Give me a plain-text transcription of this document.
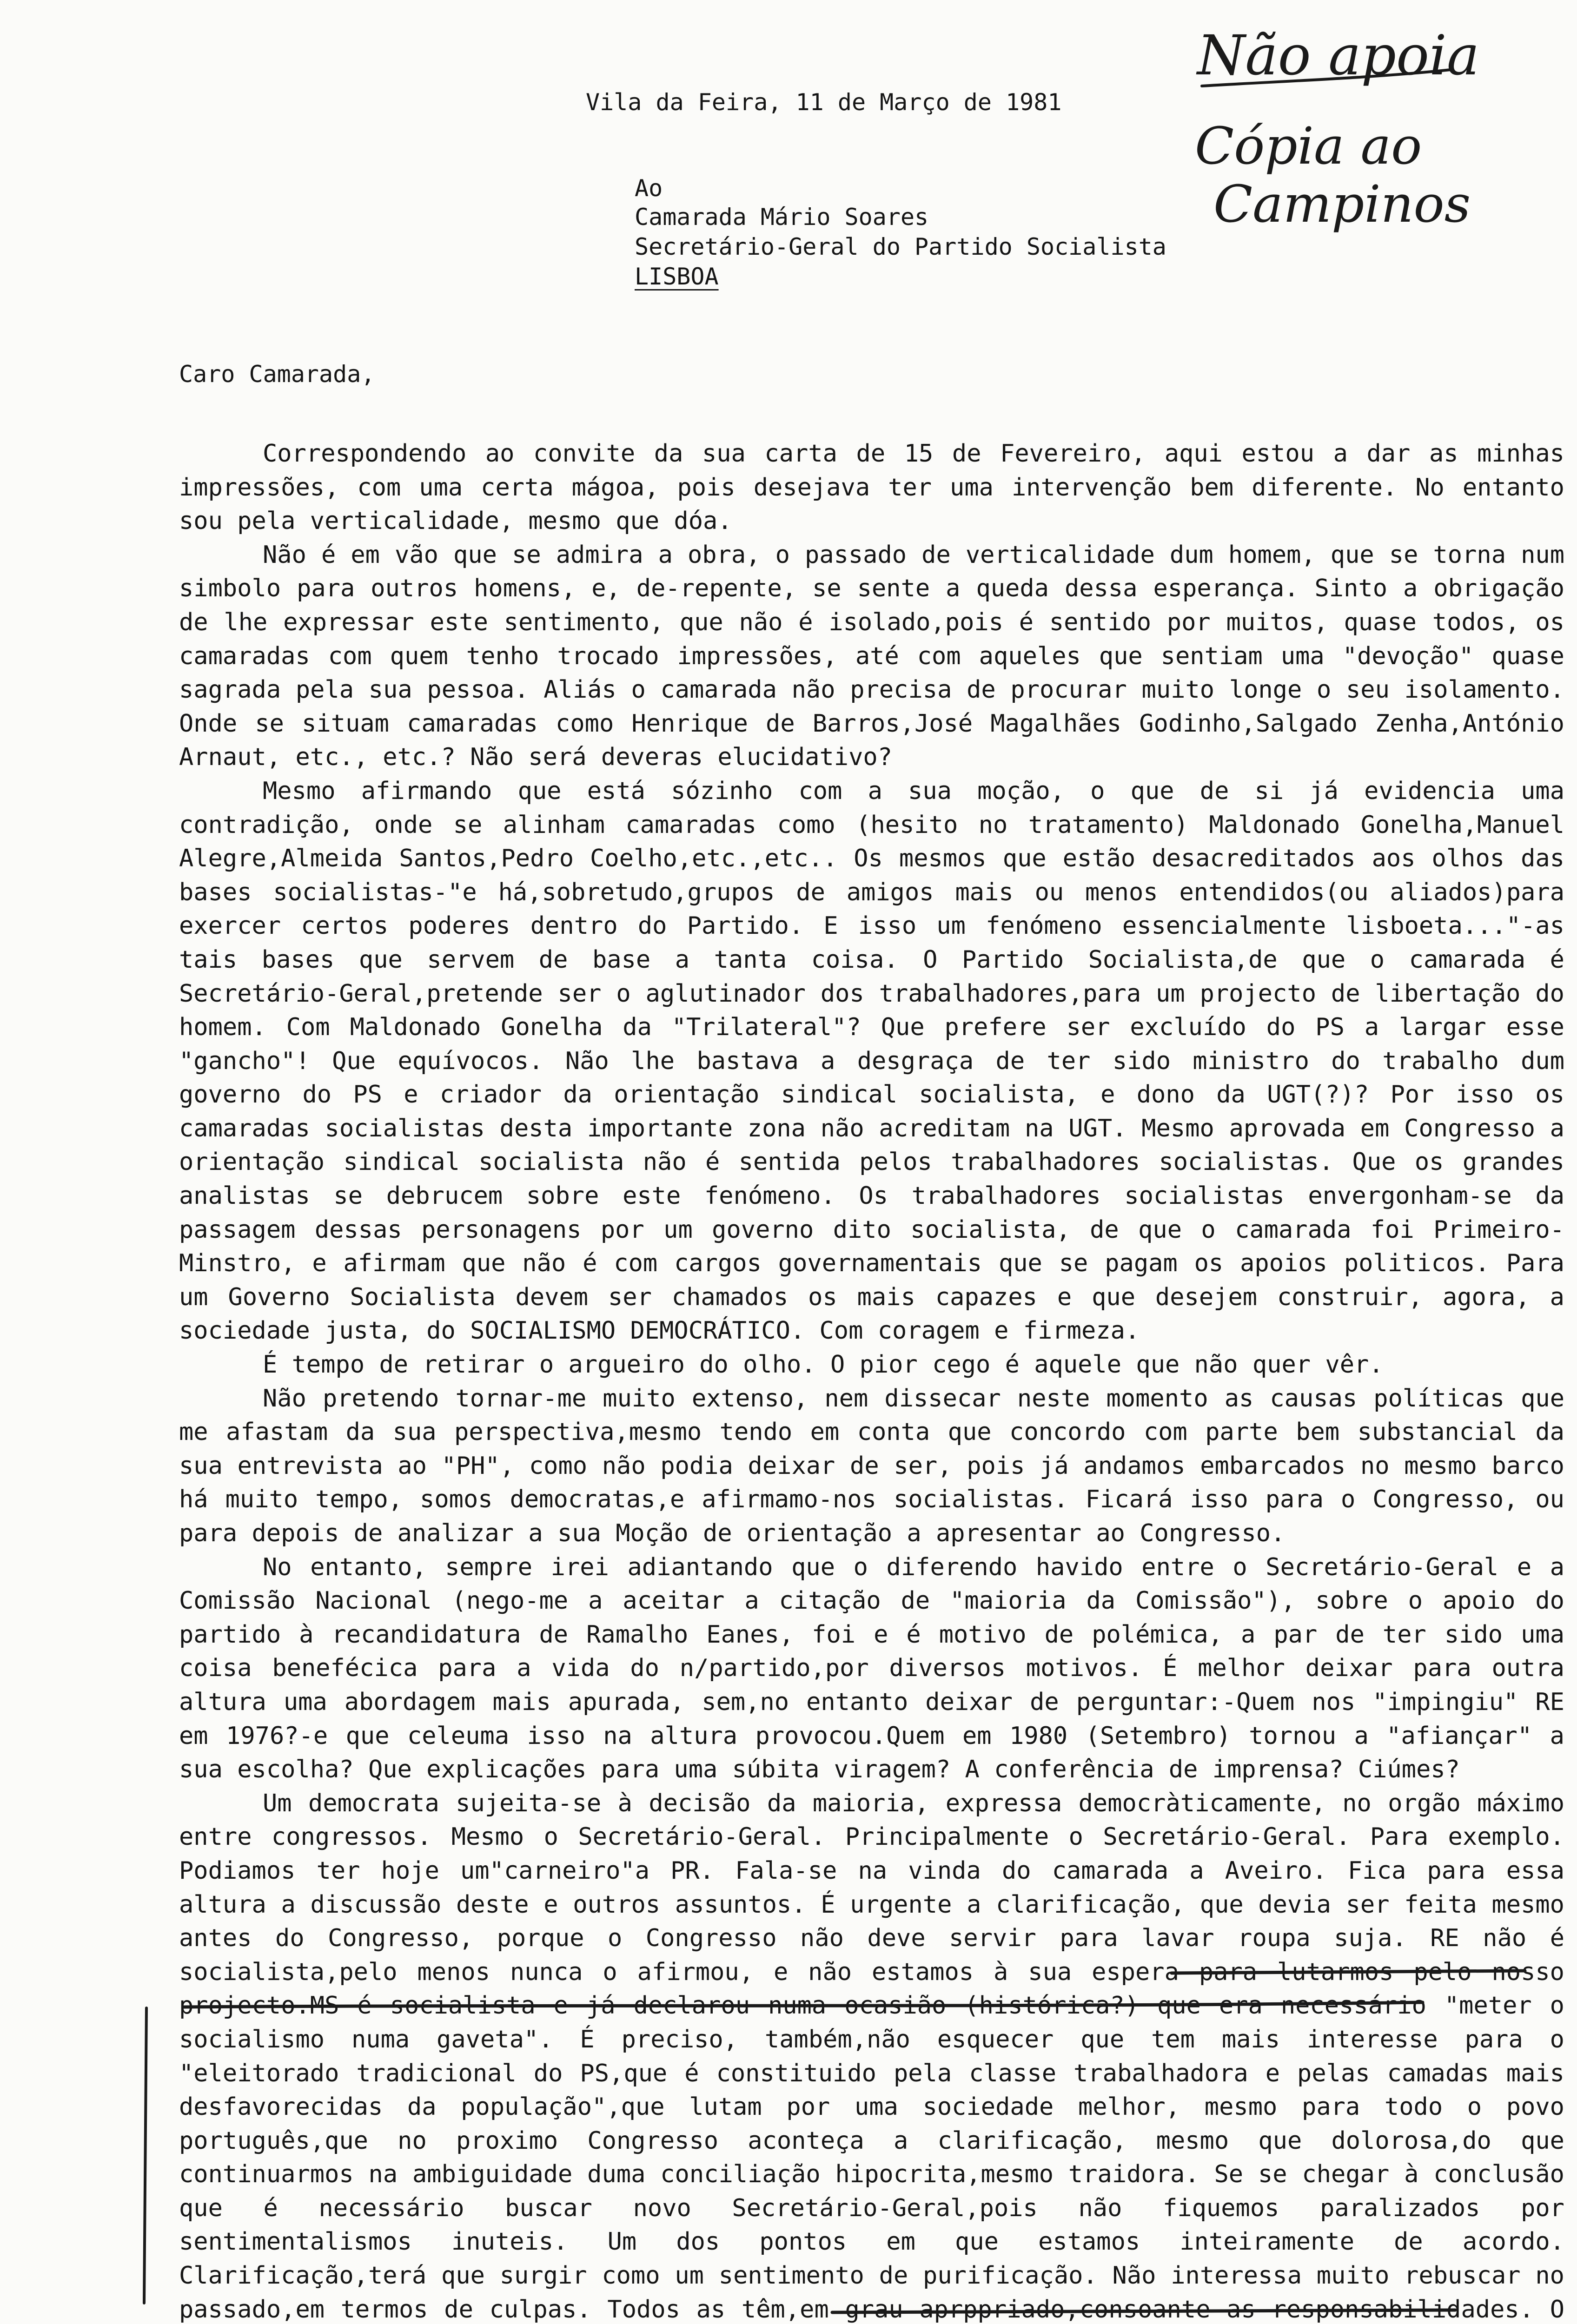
Vila da Feira, 11 de Março de 1981
Ao
Camarada Mário Soares
Secretário-Geral do Partido Socialista
LISBOA
Caro Camarada,

Correspondendo ao convite da sua carta de 15 de Fevereiro, aqui estou a dar as minhas impressões, com uma certa mágoa, pois desejava ter uma intervenção bem diferente. No entanto sou pela verticalidade, mesmo que dóa.

Não é em vão que se admira a obra, o passado de verticalidade dum homem, que se torna num simbolo para outros homens, e, de-repente, se sente a queda dessa esperança. Sinto a obrigação de lhe expressar este sentimento, que não é isolado,pois é sentido por muitos, quase todos, os camaradas com quem tenho trocado impressões, até com aqueles que sentiam uma "devoção" quase sagrada pela sua pessoa. Aliás o camarada não precisa de procurar muito longe o seu isolamento. Onde se situam camaradas como Henrique de Barros,José Magalhães Godinho,Salgado Zenha,António Arnaut, etc., etc.? Não será deveras elucidativo?

Mesmo afirmando que está sózinho com a sua moção, o que de si já evidencia uma contradição, onde se alinham camaradas como (hesito no tratamento) Maldonado Gonelha,Manuel Alegre,Almeida Santos,Pedro Coelho,etc.,etc.. Os mesmos que estão desacreditados aos olhos das bases socialistas-"e há,sobretudo,grupos de amigos mais ou menos entendidos(ou aliados)para exercer certos poderes dentro do Partido. E isso um fenómeno essencialmente lisboeta..."-as tais bases que servem de base a tanta coisa. O Partido Socialista,de que o camarada é Secretário-Geral,pretende ser o aglutinador dos trabalhadores,para um projecto de libertação do homem. Com Maldonado Gonelha da "Trilateral"? Que prefere ser excluído do PS a largar esse "gancho"! Que equívocos. Não lhe bastava a desgraça de ter sido ministro do trabalho dum governo do PS e criador da orientação sindical socialista, e dono da UGT(?)? Por isso os camaradas socialistas desta importante zona não acreditam na UGT. Mesmo aprovada em Congresso a orientação sindical socialista não é sentida pelos trabalhadores socialistas. Que os grandes analistas se debrucem sobre este fenómeno. Os trabalhadores socialistas envergonham-se da passagem dessas personagens por um governo dito socialista, de que o camarada foi Primeiro-Minstro, e afirmam que não é com cargos governamentais que se pagam os apoios politicos. Para um Governo Socialista devem ser chamados os mais capazes e que desejem construir, agora, a sociedade justa, do SOCIALISMO DEMOCRÁTICO. Com coragem e firmeza.

É tempo de retirar o argueiro do olho. O pior cego é aquele que não quer vêr.

Não pretendo tornar-me muito extenso, nem dissecar neste momento as causas políticas que me afastam da sua perspectiva,mesmo tendo em conta que concordo com parte bem substancial da sua entrevista ao "PH", como não podia deixar de ser, pois já andamos embarcados no mesmo barco há muito tempo, somos democratas,e afirmamo-nos socialistas. Ficará isso para o Congresso, ou para depois de analizar a sua Moção de orientação a apresentar ao Congresso.

No entanto, sempre irei adiantando que o diferendo havido entre o Secretário-Geral e a Comissão Nacional (nego-me a aceitar a citação de "maioria da Comissão"), sobre o apoio do partido à recandidatura de Ramalho Eanes, foi e é motivo de polémica, a par de ter sido uma coisa benefécica para a vida do n/partido,por diversos motivos. É melhor deixar para outra altura uma abordagem mais apurada, sem,no entanto deixar de perguntar:-Quem nos "impingiu" RE em 1976?-e que celeuma isso na altura provocou.Quem em 1980 (Setembro) tornou a "afiançar" a sua escolha? Que explicações para uma súbita viragem? A conferência de imprensa? Ciúmes?

Um democrata sujeita-se à decisão da maioria, expressa democràticamente, no orgão máximo entre congressos. Mesmo o Secretário-Geral. Principalmente o Secretário-Geral. Para exemplo. Podiamos ter hoje um"carneiro"a PR. Fala-se na vinda do camarada a Aveiro. Fica para essa altura a discussão deste e outros assuntos. É urgente a clarificação, que devia ser feita mesmo antes do Congresso, porque o Congresso não deve servir para lavar roupa suja. RE não é socialista,pelo menos nunca o afirmou, e não estamos à sua espera para lutarmos pelo nosso projecto.MS é socialista e já declarou numa ocasião (histórica?) que era necessário "meter o socialismo numa gaveta". É preciso, também,não esquecer que tem mais interesse para o "eleitorado tradicional do PS,que é constituido pela classe trabalhadora e pelas camadas mais desfavorecidas da população",que lutam por uma sociedade melhor, mesmo para todo o povo português,que no proximo Congresso aconteça a clarificação, mesmo que dolorosa,do que continuarmos na ambiguidade duma conciliação hipocrita,mesmo traidora. Se se chegar à conclusão que é necessário buscar novo Secretário-Geral,pois não fiquemos paralizados por sentimentalismos inuteis. Um dos pontos em que estamos inteiramente de acordo. Clarificação,terá que surgir como um sentimento de purificação. Não interessa muito rebuscar no passado,em termos de culpas. Todos as têm,em grau aprppriado,consoante as responsabilidades. O

Não apoia
Cópia ao
Campinos
